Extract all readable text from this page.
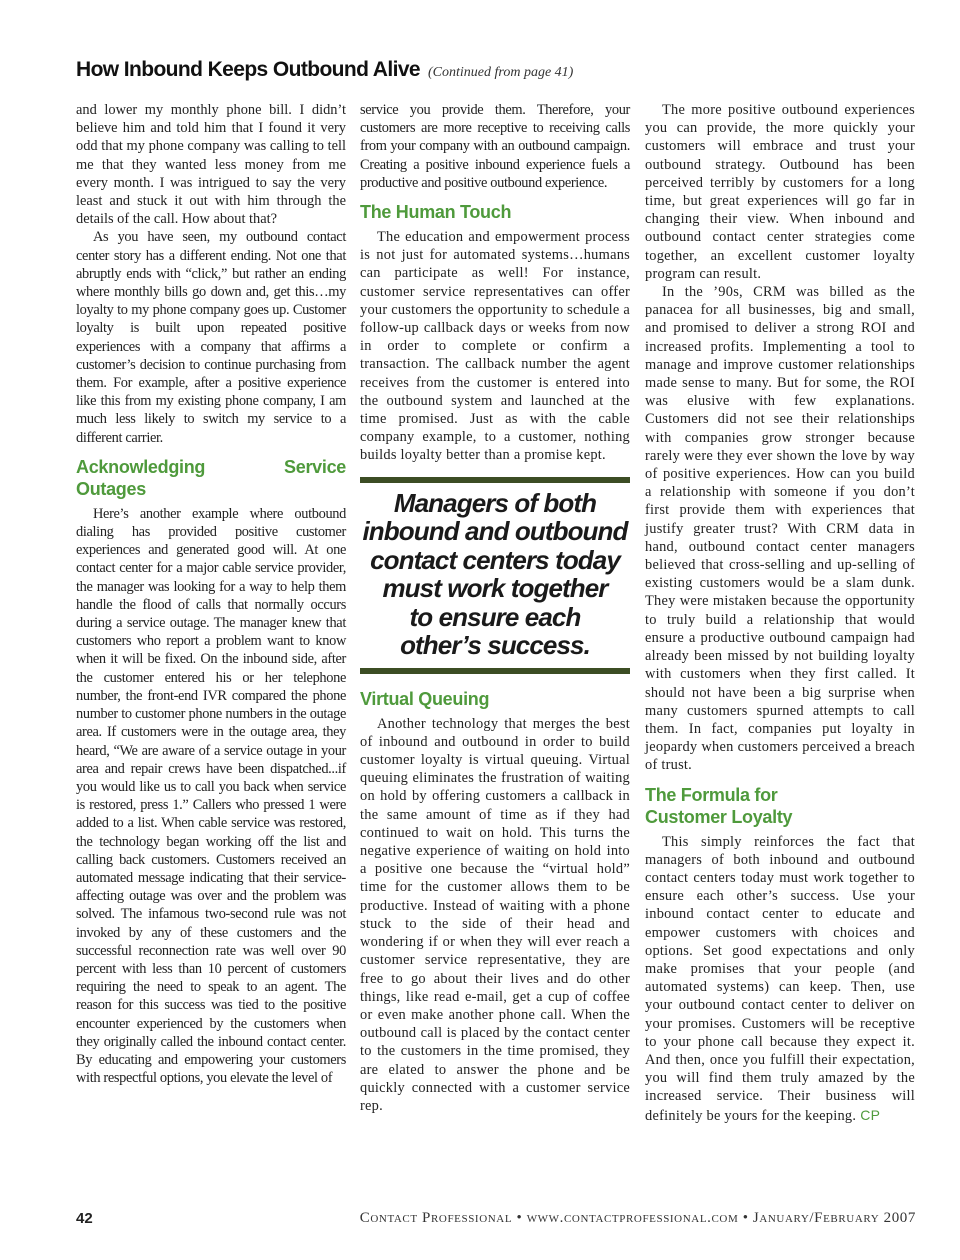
How Inbound Keeps Outbound Alive (Continued from page 41)

and lower my monthly phone bill. I didn’t believe him and told him that I found it very odd that my phone company was calling to tell me that they wanted less money from me every month. I was intrigued to say the very least and stuck it out with him through the details of the call. How about that?

As you have seen, my outbound contact center story has a different ending. Not one that abruptly ends with “click,” but rather an ending where monthly bills go down and, get this…my loyalty to my phone company goes up. Customer loyalty is built upon repeated positive experiences with a company that affirms a customer’s decision to continue purchasing from them. For example, after a positive experience like this from my existing phone company, I am much less likely to switch my service to a different carrier.

Acknowledging Service Outages

Here’s another example where outbound dialing has provided positive customer experiences and generated good will. At one contact center for a major cable service provider, the manager was looking for a way to help them handle the flood of calls that normally occurs during a service outage. The manager knew that customers who report a problem want to know when it will be fixed. On the inbound side, after the customer entered his or her telephone number, the front-end IVR compared the phone number to customer phone numbers in the outage area. If customers were in the outage area, they heard, “We are aware of a service outage in your area and repair crews have been dispatched...if you would like us to call you back when service is restored, press 1.” Callers who pressed 1 were added to a list. When cable service was restored, the technology began working off the list and calling back customers. Customers received an automated message indicating that their service-affecting outage was over and the problem was solved. The infamous two-second rule was not invoked by any of these customers and the successful reconnection rate was well over 90 percent with less than 10 percent of customers requiring the need to speak to an agent. The reason for this success was tied to the positive encounter experienced by the customers when they originally called the inbound contact center. By educating and empowering your customers with respectful options, you elevate the level of

service you provide them. Therefore, your customers are more receptive to receiving calls from your company with an outbound campaign. Creating a positive inbound experience fuels a productive and positive outbound experience.

The Human Touch

The education and empowerment process is not just for automated systems…humans can participate as well! For instance, customer service representatives can offer your customers the opportunity to schedule a follow-up callback days or weeks from now in order to complete or confirm a transaction. The callback number the agent receives from the customer is entered into the outbound system and launched at the time promised. Just as with the cable company example, to a customer, nothing builds loyalty better than a promise kept.

Managers of both
inbound and outbound
contact centers today
must work together
to ensure each
other’s success.
Virtual Queuing

Another technology that merges the best of inbound and outbound in order to build customer loyalty is virtual queuing. Virtual queuing eliminates the frustration of waiting on hold by offering customers a callback in the same amount of time as if they had continued to wait on hold. This turns the negative experience of waiting on hold into a positive one because the “virtual hold” time for the customer allows them to be productive. Instead of waiting with a phone stuck to the side of their head and wondering if or when they will ever reach a customer service representative, they are free to go about their lives and do other things, like read e-mail, get a cup of coffee or even make another phone call. When the outbound call is placed by the contact center to the customers in the time promised, they are elated to answer the phone and be quickly connected with a customer service rep.

The more positive outbound experiences you can provide, the more quickly your customers will embrace and trust your outbound strategy. Outbound has been perceived terribly by customers for a long time, but great experiences will go far in changing their view. When inbound and outbound contact center strategies come together, an excellent customer loyalty program can result.

In the ’90s, CRM was billed as the panacea for all businesses, big and small, and promised to deliver a strong ROI and increased profits. Implementing a tool to manage and improve customer relationships made sense to many. But for some, the ROI was elusive with few explanations. Customers did not see their relationships with companies grow stronger because rarely were they ever shown the love by way of positive experiences. How can you build a relationship with someone if you don’t first provide them with experiences that justify greater trust? With CRM data in hand, outbound contact center managers believed that cross-selling and up-selling of existing customers would be a slam dunk. They were mistaken because the opportunity to truly build a relationship that would ensure a productive outbound campaign had already been missed by not building loyalty with customers when they first called. It should not have been a big surprise when many customers spurned attempts to call them. In fact, companies put loyalty in jeopardy when customers perceived a breach of trust.

The Formula for
Customer Loyalty

This simply reinforces the fact that managers of both inbound and outbound contact centers today must work together to ensure each other’s success. Use your inbound contact center to educate and empower customers with choices and options. Set good expectations and only make promises that your people (and automated systems) can keep. Then, use your outbound contact center to deliver on your promises. Customers will be receptive to your phone call because they expect it. And then, once you fulfill their expectation, you will find them truly amazed by the increased service. Their business will definitely be yours for the keeping. CP

42	Contact Professional • www.contactprofessional.com • January/February 2007
